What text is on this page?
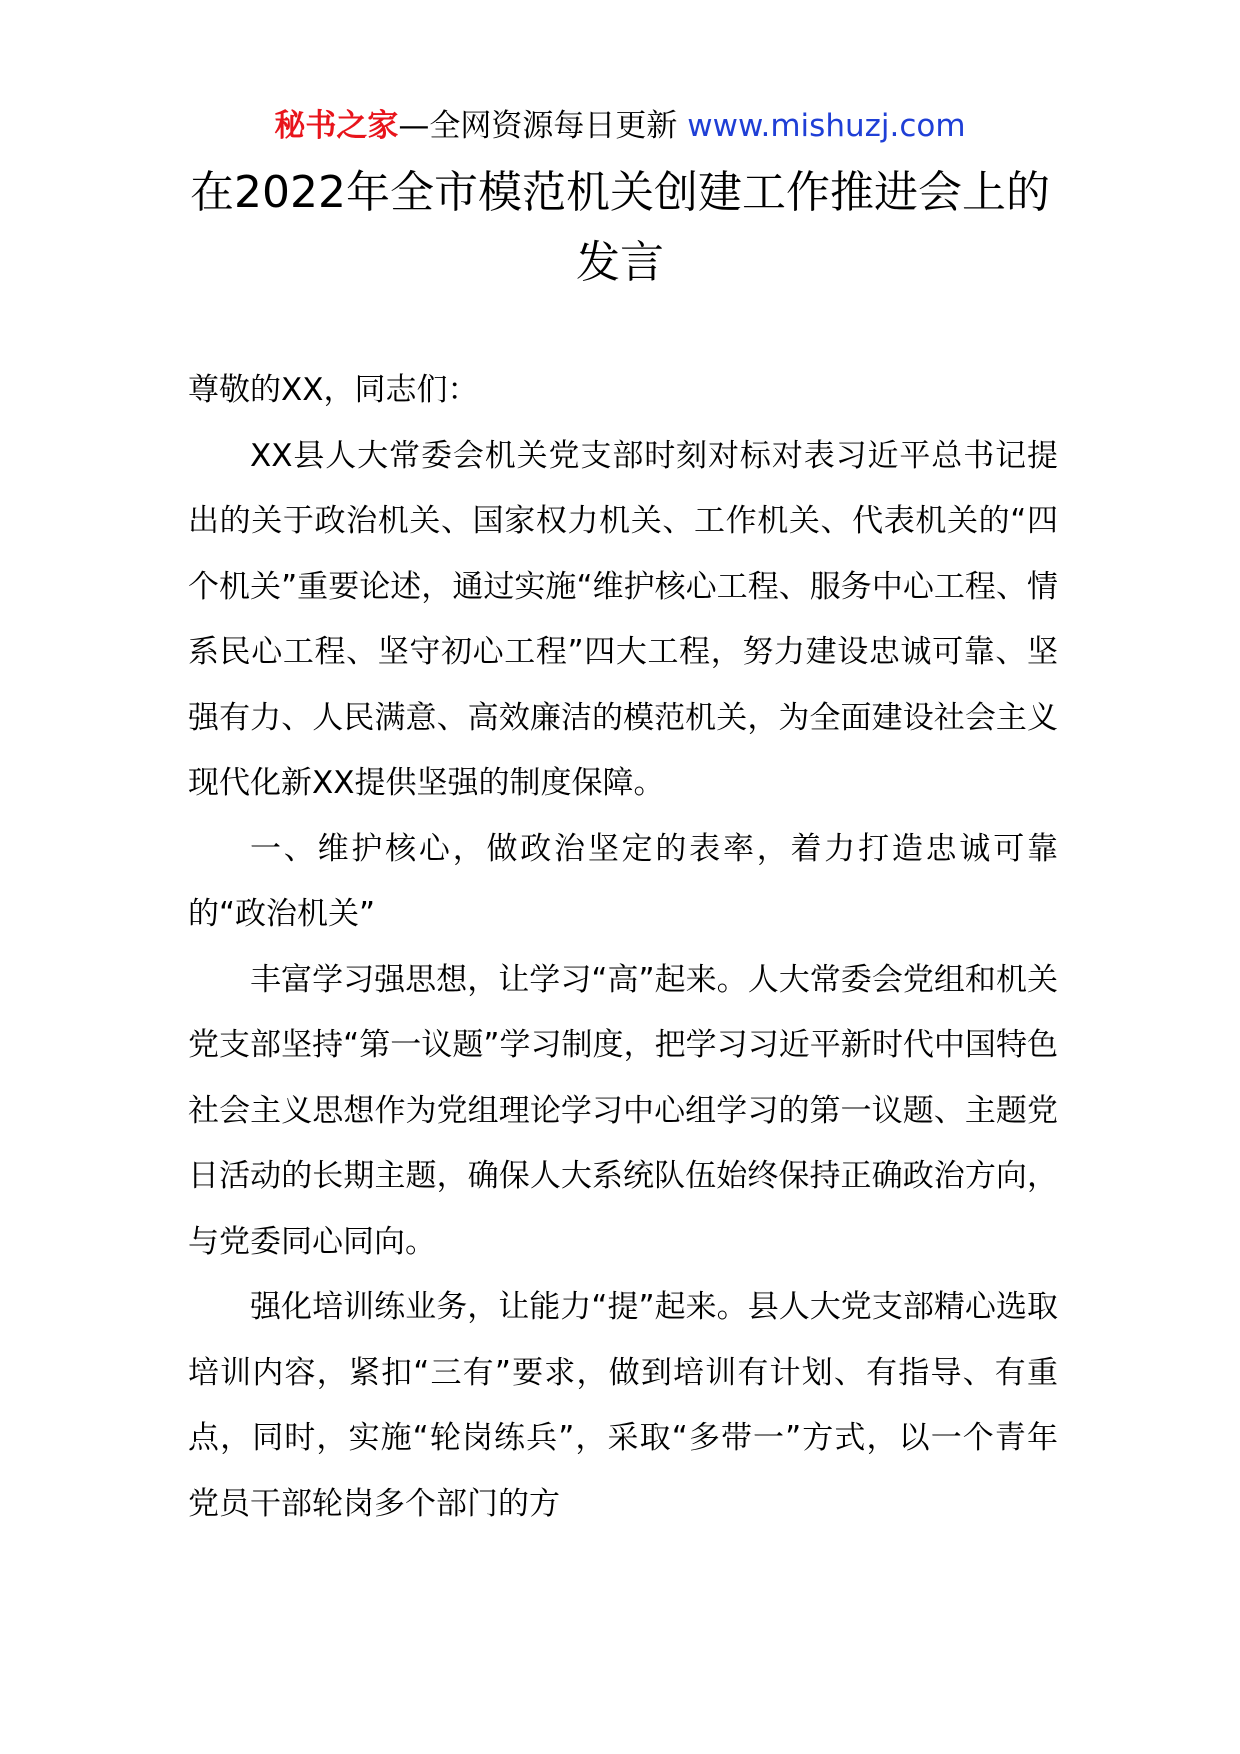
秘书之家—全网资源每日更新 www.mishuzj.com
在2022年全市模范机关创建工作推进会上的发言

尊敬的XX，同志们：

XX县人大常委会机关党支部时刻对标对表习近平总书记提出的关于政治机关、国家权力机关、工作机关、代表机关的“四个机关”重要论述，通过实施“维护核心工程、服务中心工程、情系民心工程、坚守初心工程”四大工程，努力建设忠诚可靠、坚强有力、人民满意、高效廉洁的模范机关，为全面建设社会主义现代化新XX提供坚强的制度保障。

一、维护核心，做政治坚定的表率，着力打造忠诚可靠的“政治机关”

丰富学习强思想，让学习“高”起来。人大常委会党组和机关党支部坚持“第一议题”学习制度，把学习习近平新时代中国特色社会主义思想作为党组理论学习中心组学习的第一议题、主题党日活动的长期主题，确保人大系统队伍始终保持正确政治方向，与党委同心同向。

强化培训练业务，让能力“提”起来。县人大党支部精心选取培训内容，紧扣“三有”要求，做到培训有计划、有指导、有重点，同时，实施“轮岗练兵”，采取“多带一”方式，以一个青年党员干部轮岗多个部门的方
